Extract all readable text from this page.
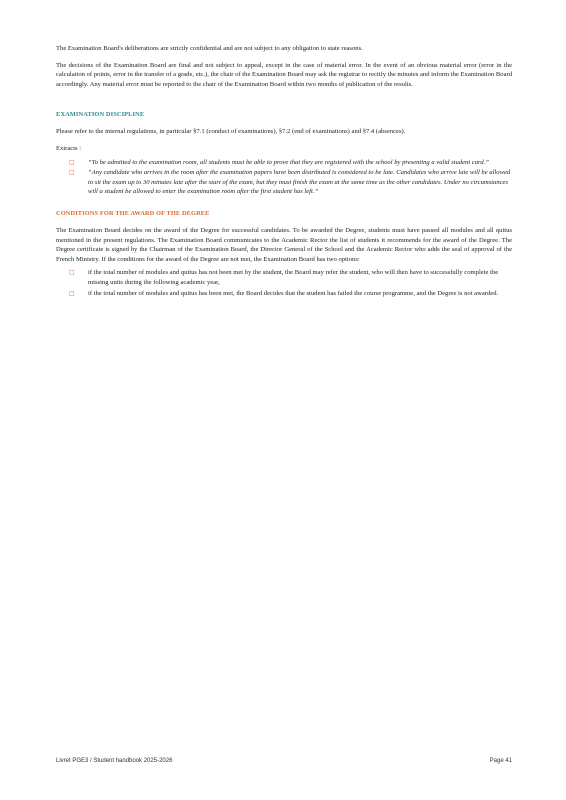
The Examination Board's deliberations are strictly confidential and are not subject to any obligation to state reasons.

The decisions of the Examination Board are final and not subject to appeal, except in the case of material error. In the event of an obvious material error (error in the calculation of points, error in the transfer of a grade, etc.), the chair of the Examination Board may ask the registrar to rectify the minutes and inform the Examination Board accordingly. Any material error must be reported to the chair of the Examination Board within two months of publication of the results.

EXAMINATION DISCIPLINE

Please refer to the internal regulations, in particular §7.1 (conduct of examinations), §7.2 (end of examinations) and §7.4 (absences).

Extracts :

□ “To be admitted to the examination room, all students must be able to prove that they are registered with the school by presenting a valid student card.”
□ “Any candidate who arrives in the room after the examination papers have been distributed is considered to be late. Candidates who arrive late will be allowed to sit the exam up to 30 minutes late after the start of the exam, but they must finish the exam at the same time as the other candidates. Under no circumstances will a student be allowed to enter the examination room after the first student has left.”
CONDITIONS FOR THE AWARD OF THE DEGREE

The Examination Board decides on the award of the Degree for successful candidates. To be awarded the Degree, students must have passed all modules and all quitus mentioned in the present regulations. The Examination Board communicates to the Academic Rector the list of students it recommends for the award of the Degree. The Degree certificate is signed by the Chairman of the Examination Board, the Director General of the School and the Academic Rector who adds the seal of approval of the French Ministry. If the conditions for the award of the Degree are not met, the Examination Board has two options:

□ if the total number of modules and quitus has not been met by the student, the Board may refer the student, who will then have to successfully complete the missing units during the following academic year,
□ if the total number of modules and quitus has been met, the Board decides that the student has failed the course programme, and the Degree is not awarded.
Livret PGE3 / Student handbook 2025-2026	Page 41
